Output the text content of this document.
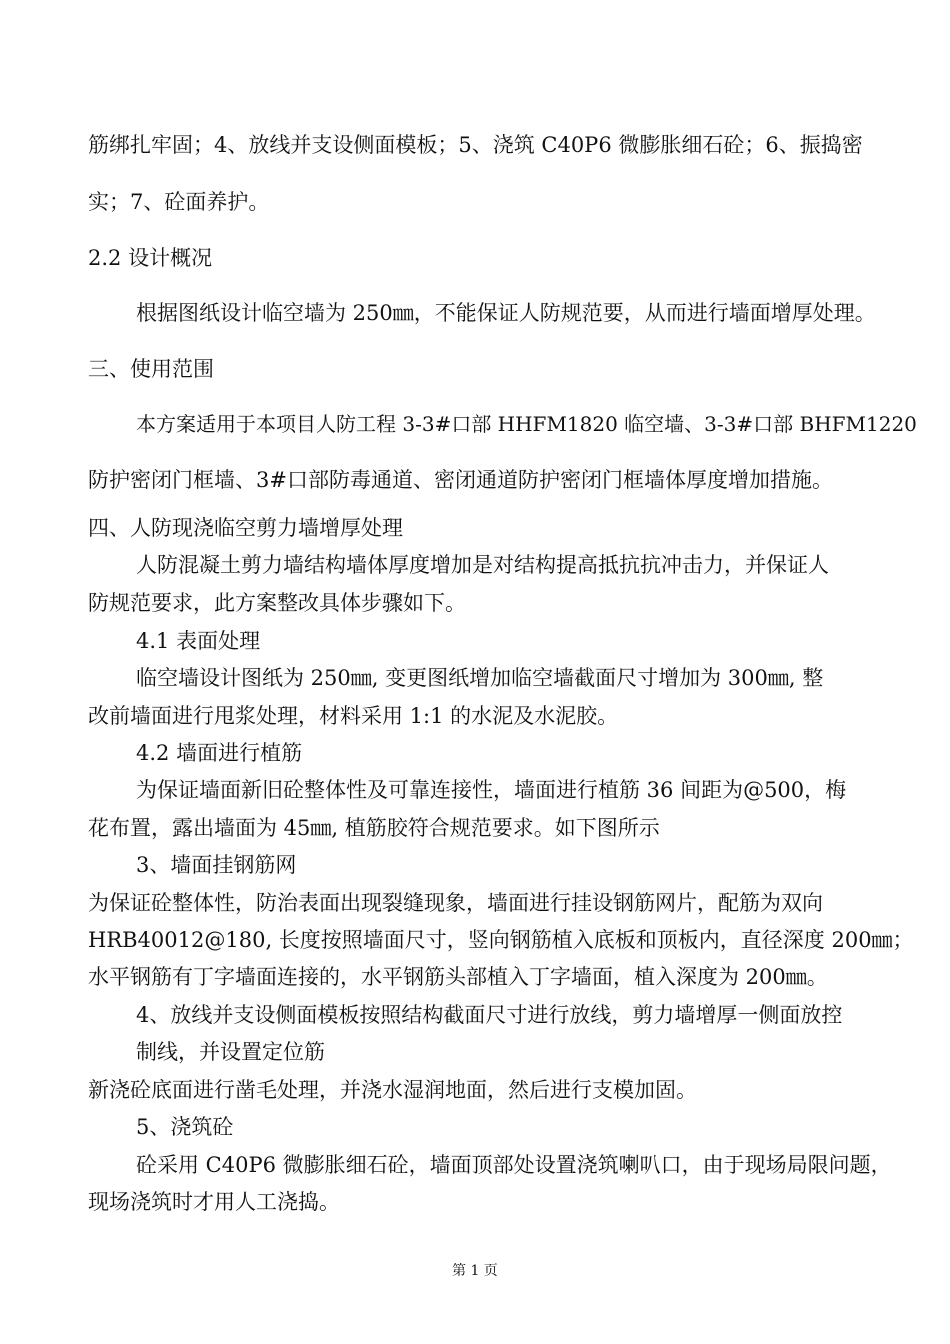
筋绑扎牢固；4、放线并支设侧面模板；5、浇筑 C40P6 微膨胀细石砼；6、振捣密
实；7、砼面养护。
2.2 设计概况
根据图纸设计临空墙为 250㎜，不能保证人防规范要，从而进行墙面增厚处理。
三、使用范围
本方案适用于本项目人防工程 3-3#口部 HHFM1820 临空墙、3-3#口部 BHFM1220
防护密闭门框墙、3#口部防毒通道、密闭通道防护密闭门框墙体厚度增加措施。
四、人防现浇临空剪力墙增厚处理
人防混凝土剪力墙结构墙体厚度增加是对结构提高抵抗抗冲击力，并保证人
防规范要求，此方案整改具体步骤如下。
4.1 表面处理
临空墙设计图纸为 250㎜, 变更图纸增加临空墙截面尺寸增加为 300㎜, 整
改前墙面进行甩浆处理，材料采用 1:1 的水泥及水泥胶。
4.2 墙面进行植筋
为保证墙面新旧砼整体性及可靠连接性，墙面进行植筋 36 间距为@500，梅
花布置，露出墙面为 45㎜, 植筋胶符合规范要求。如下图所示
3、墙面挂钢筋网
为保证砼整体性，防治表面出现裂缝现象，墙面进行挂设钢筋网片，配筋为双向
HRB40012@180, 长度按照墙面尺寸，竖向钢筋植入底板和顶板内，直径深度 200㎜；
水平钢筋有丁字墙面连接的，水平钢筋头部植入丁字墙面，植入深度为 200㎜。
4、放线并支设侧面模板按照结构截面尺寸进行放线，剪力墙增厚一侧面放控
制线，并设置定位筋
新浇砼底面进行凿毛处理，并浇水湿润地面，然后进行支模加固。
5、浇筑砼
砼采用 C40P6 微膨胀细石砼，墙面顶部处设置浇筑喇叭口，由于现场局限问题，
现场浇筑时才用人工浇捣。
第 1 页
